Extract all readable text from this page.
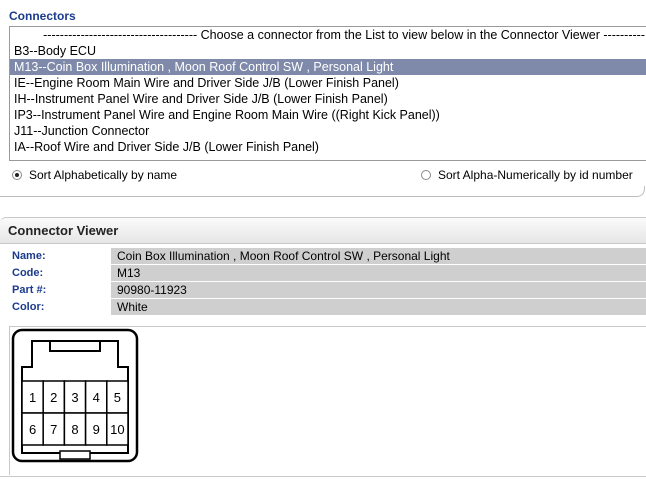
Connectors
------------------------------------- Choose a connector from the List to view below in the Connector Viewer ----------
B3--Body ECU
M13--Coin Box Illumination , Moon Roof Control SW , Personal Light
IE--Engine Room Main Wire and Driver Side J/B (Lower Finish Panel)
IH--Instrument Panel Wire and Driver Side J/B (Lower Finish Panel)
IP3--Instrument Panel Wire and Engine Room Main Wire ((Right Kick Panel))
J11--Junction Connector
IA--Roof Wire and Driver Side J/B (Lower Finish Panel)
Sort Alphabetically by name	Sort Alpha-Numerically by id number
Connector Viewer
Name:	Coin Box Illumination , Moon Roof Control SW , Personal Light
Code:	M13
Part #:	90980-11923
Color:	White
1 2 3 4 5
6 7 8 9 10
